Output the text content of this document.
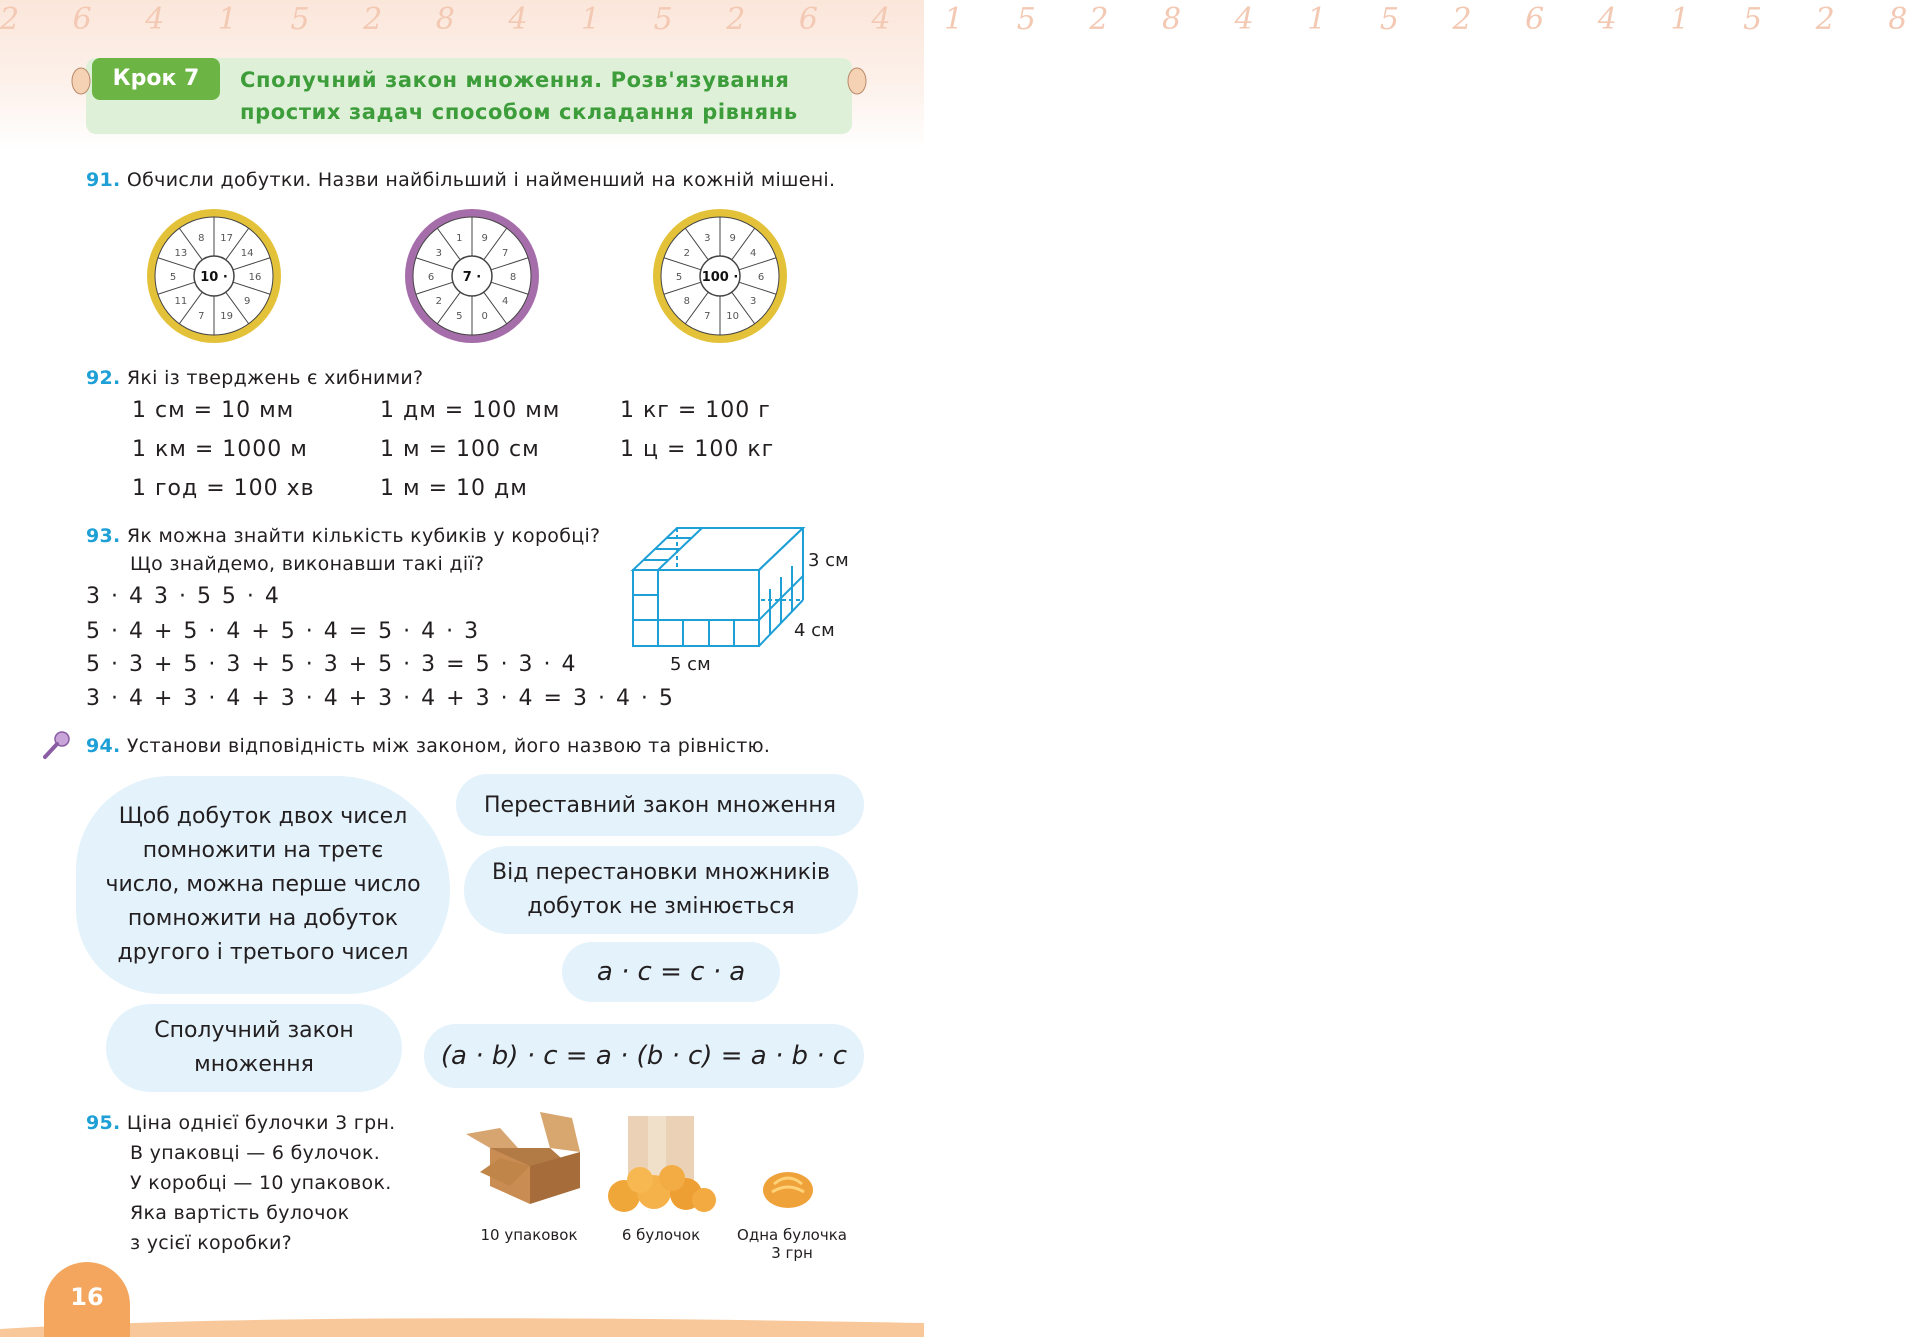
2 6 4 1 5 2 8 4 1 5 2 6 4 1 5 2 8 4 1 5 2 6 4 1 5 2 8
Крок 7	Сполучний закон множення. Розв'язування
простих задач способом складання рівнянь
91. Обчисли добутки. Назви найбільший і найменший на кожній мішені.
17
14
16
9
19
7
11
5
13
8
10 ·
9
7
8
4
0
5
2
6
3
1
7 ·
9
4
6
3
10
7
8
5
2
3
100 ·
92. Які із тверджень є хибними?
1 см = 10 мм	1 дм = 100 мм	1 кг = 100 г
1 км = 1000 м	1 м = 100 см	1 ц = 100 кг
1 год = 100 хв	1 м = 10 дм
93. Як можна знайти кількість кубиків у коробці?
Що знайдемо, виконавши такі дії?
3 · 4 3 · 5 5 · 4
5 · 4 + 5 · 4 + 5 · 4 = 5 · 4 · 3
5 · 3 + 5 · 3 + 5 · 3 + 5 · 3 = 5 · 3 · 4
3 · 4 + 3 · 4 + 3 · 4 + 3 · 4 + 3 · 4 = 3 · 4 · 5
3 см
4 см
5 см
94. Установи відповідність між законом, його назвою та рівністю.
Щоб добуток двох чисел
помножити на третє
число, можна перше число
помножити на добуток
другого і третього чисел
Переставний закон множення
Від перестановки множників
добуток не змінюється
a · c = c · a
Сполучний закон
множення	(a · b) · c = a · (b · c) = a · b · c
95. Ціна однієї булочки 3 грн.
В упаковці — 6 булочок.
У коробці — 10 упаковок.
Яка вартість булочок
з усієї коробки?	10 упаковок	6 булочок	Одна булочка
3 грн
16
